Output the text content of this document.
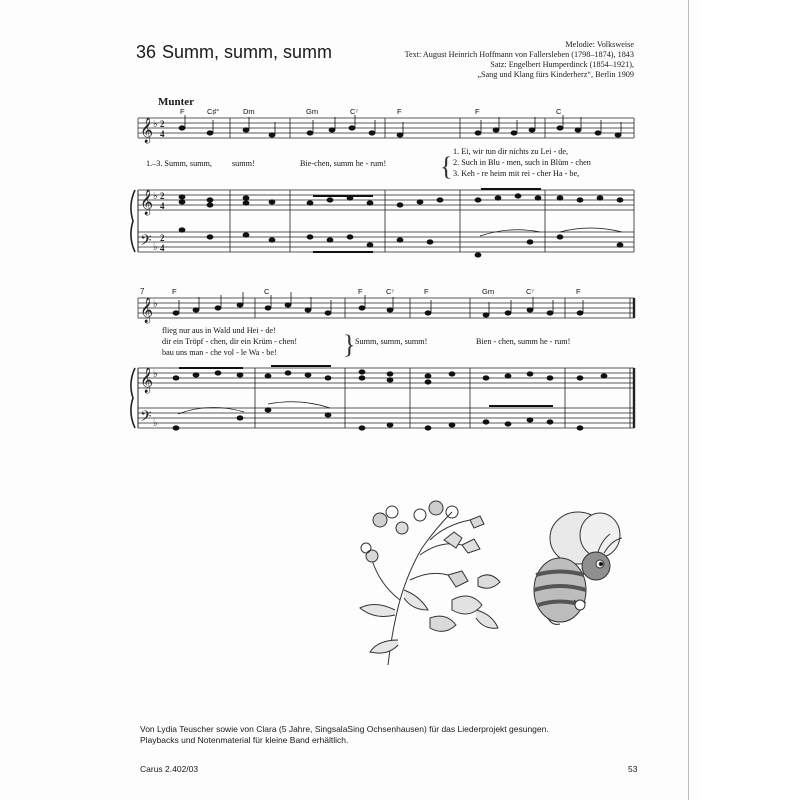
36 Summ, summ, summ	Melodie: Volksweise
Text: August Heinrich Hoffmann von Fallersleben (1798–1874), 1843
Satz: Engelbert Humperdinck (1854–1921),
„Sang und Klang fürs Kinderherz“, Berlin 1909
Munter
𝄞
𝄞
𝄢
♭
♭
♭
2
4
2
4
2
4
F	C♯°	Dm	Gm	C⁷	F	F	C
1.–3. Summ, summ, summ!	Bie-chen, summ he - rum! {
1. Ei, wir tun dir nichts zu Lei - de,
2. Such in Blu - men, such in Blüm - chen
3. Keh - re heim mit rei - cher Ha - be,
7
𝄞
𝄞
𝄢
♭
♭
♭
F	C	F	C⁷	F	Gm	C⁷	F
flieg nur aus in Wald und Hei - de!
dir ein Tröpf - chen, dir ein Krüm - chen!
bau uns man - che vol - le Wa - be!	} Summ, summ, summ!	Bien - chen, summ he - rum!
Von Lydia Teuscher sowie von Clara (5 Jahre, SingsalaSing Ochsenhausen) für das Liederprojekt gesungen.
Playbacks und Notenmaterial für kleine Band erhältlich.
Carus 2.402/03	53
